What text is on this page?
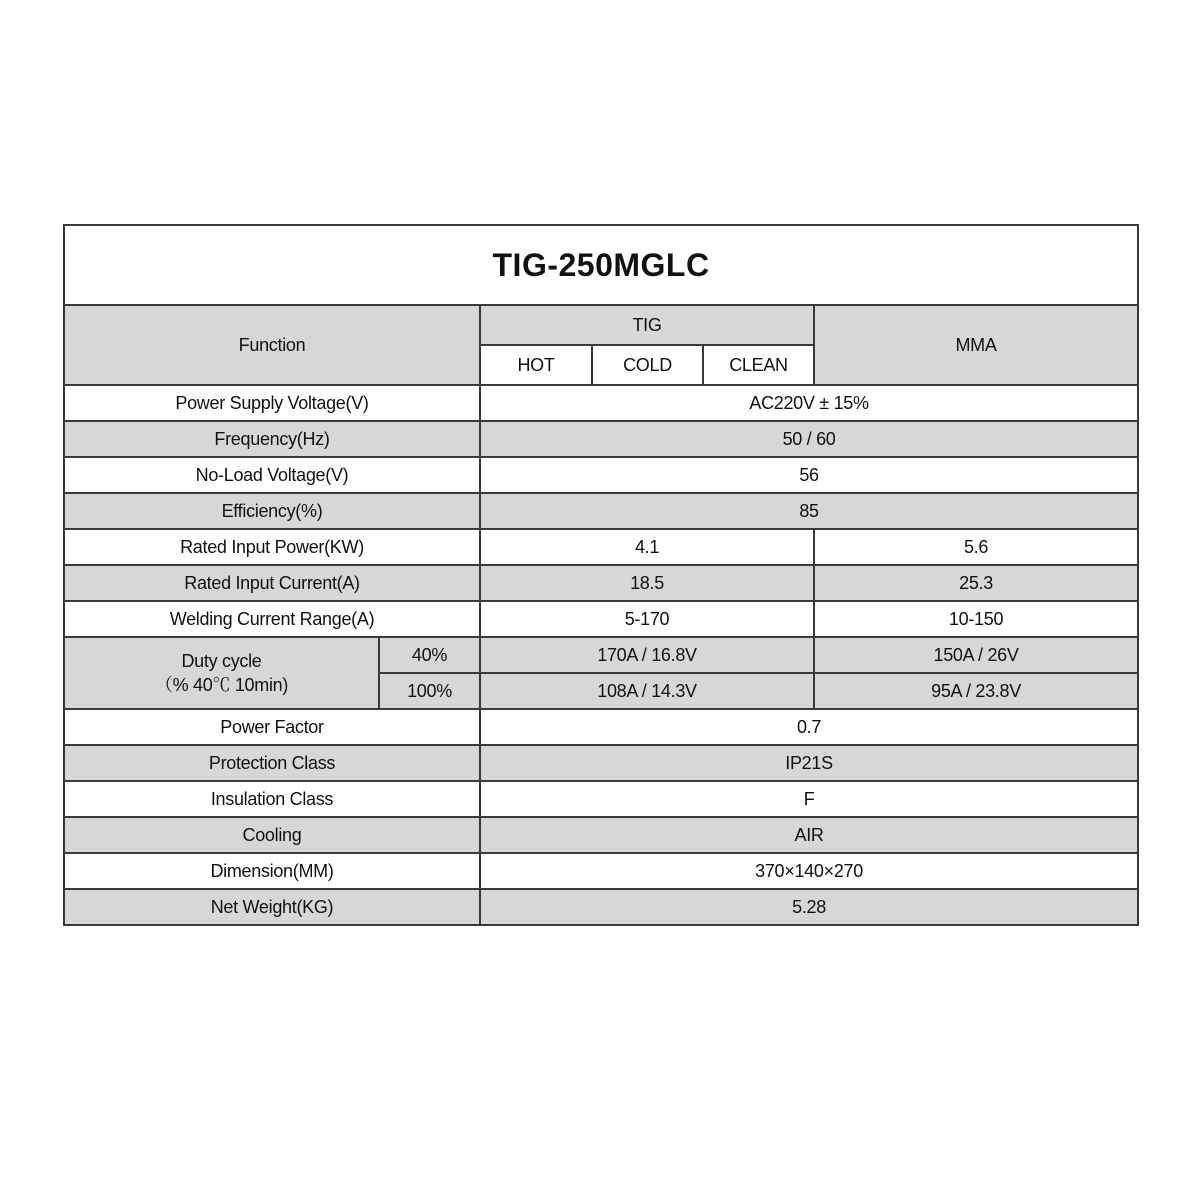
TIG-250MGLC					
Function		TIG			MMA
		HOT	COLD	CLEAN	
Power Supply Voltage(V)		AC220V ± 15%			
Frequency(Hz)		50 / 60			
No-Load Voltage(V)		56			
Efficiency(%)		85			
Rated Input Power(KW)		4.1			5.6
Rated Input Current(A)		18.5			25.3
Welding Current Range(A)		5-170			10-150

Duty cycle
（% 40℃ 10min)	40%	170A / 16.8V			150A / 26V
	100%	108A / 14.3V			95A / 23.8V
Power Factor		0.7			
Protection Class		IP21S			
Insulation Class		F			
Cooling		AIR			
Dimension(MM)		370×140×270			
Net Weight(KG)		5.28			
